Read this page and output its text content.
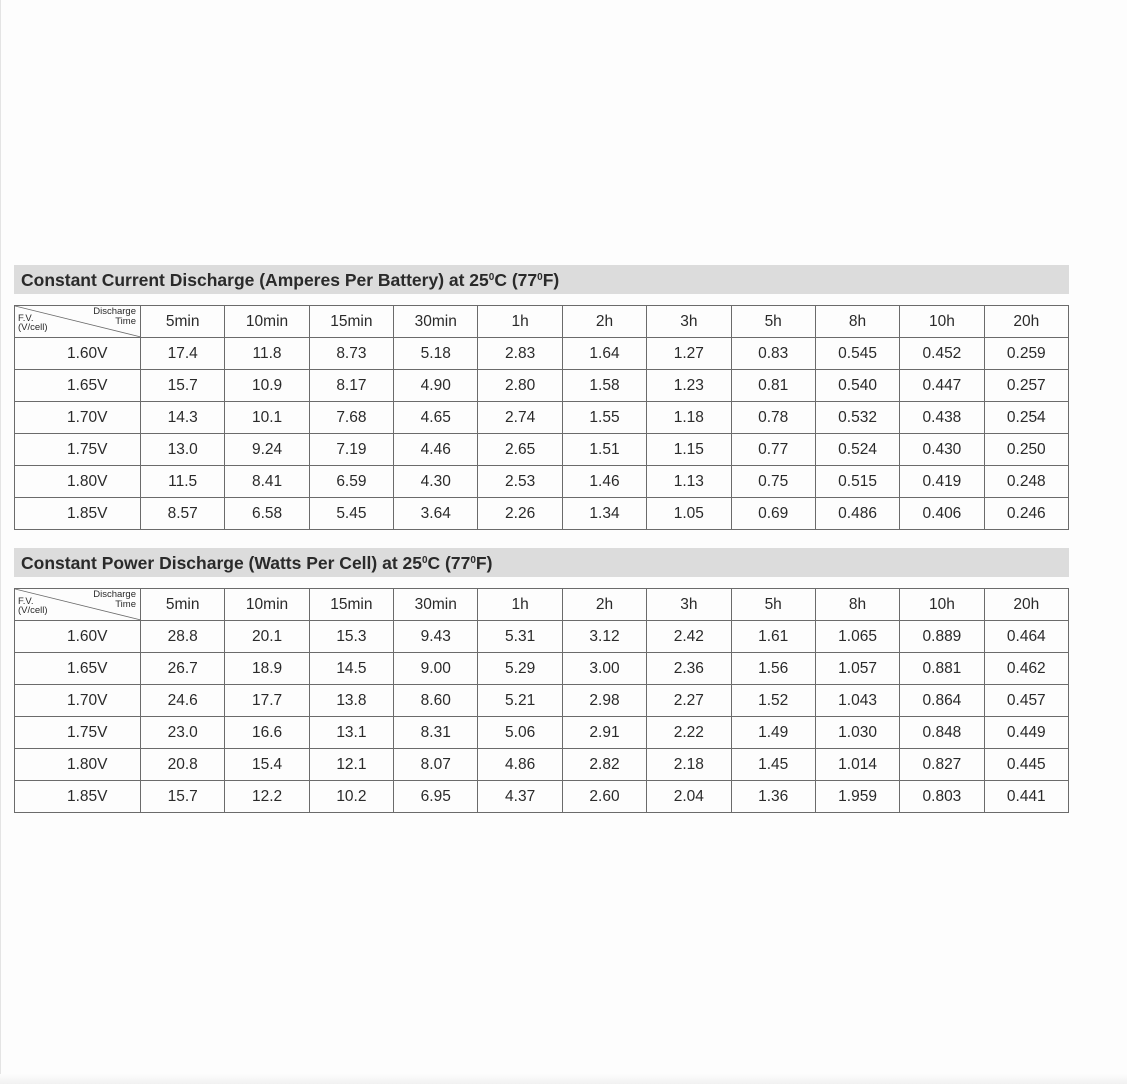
Constant Current Discharge (Amperes Per Battery) at $25^0C$ $(77^0F)$
Discharge
Time
F.V.
(V/cell)	5min	10min	15min	30min	1h	2h	3h	5h	8h	10h	20h
1.60V	17.4	11.8	8.73	5.18	2.83	1.64	1.27	0.83	0.545	0.452	0.259
1.65V	15.7	10.9	8.17	4.90	2.80	1.58	1.23	0.81	0.540	0.447	0.257
1.70V	14.3	10.1	7.68	4.65	2.74	1.55	1.18	0.78	0.532	0.438	0.254
1.75V	13.0	9.24	7.19	4.46	2.65	1.51	1.15	0.77	0.524	0.430	0.250
1.80V	11.5	8.41	6.59	4.30	2.53	1.46	1.13	0.75	0.515	0.419	0.248
1.85V	8.57	6.58	5.45	3.64	2.26	1.34	1.05	0.69	0.486	0.406	0.246
Constant Power Discharge (Watts Per Cell) at $25^0C$ $(77^0F)$
Discharge
Time
F.V.
(V/cell)	5min	10min	15min	30min	1h	2h	3h	5h	8h	10h	20h
1.60V	28.8	20.1	15.3	9.43	5.31	3.12	2.42	1.61	1.065	0.889	0.464
1.65V	26.7	18.9	14.5	9.00	5.29	3.00	2.36	1.56	1.057	0.881	0.462
1.70V	24.6	17.7	13.8	8.60	5.21	2.98	2.27	1.52	1.043	0.864	0.457
1.75V	23.0	16.6	13.1	8.31	5.06	2.91	2.22	1.49	1.030	0.848	0.449
1.80V	20.8	15.4	12.1	8.07	4.86	2.82	2.18	1.45	1.014	0.827	0.445
1.85V	15.7	12.2	10.2	6.95	4.37	2.60	2.04	1.36	1.959	0.803	0.441
